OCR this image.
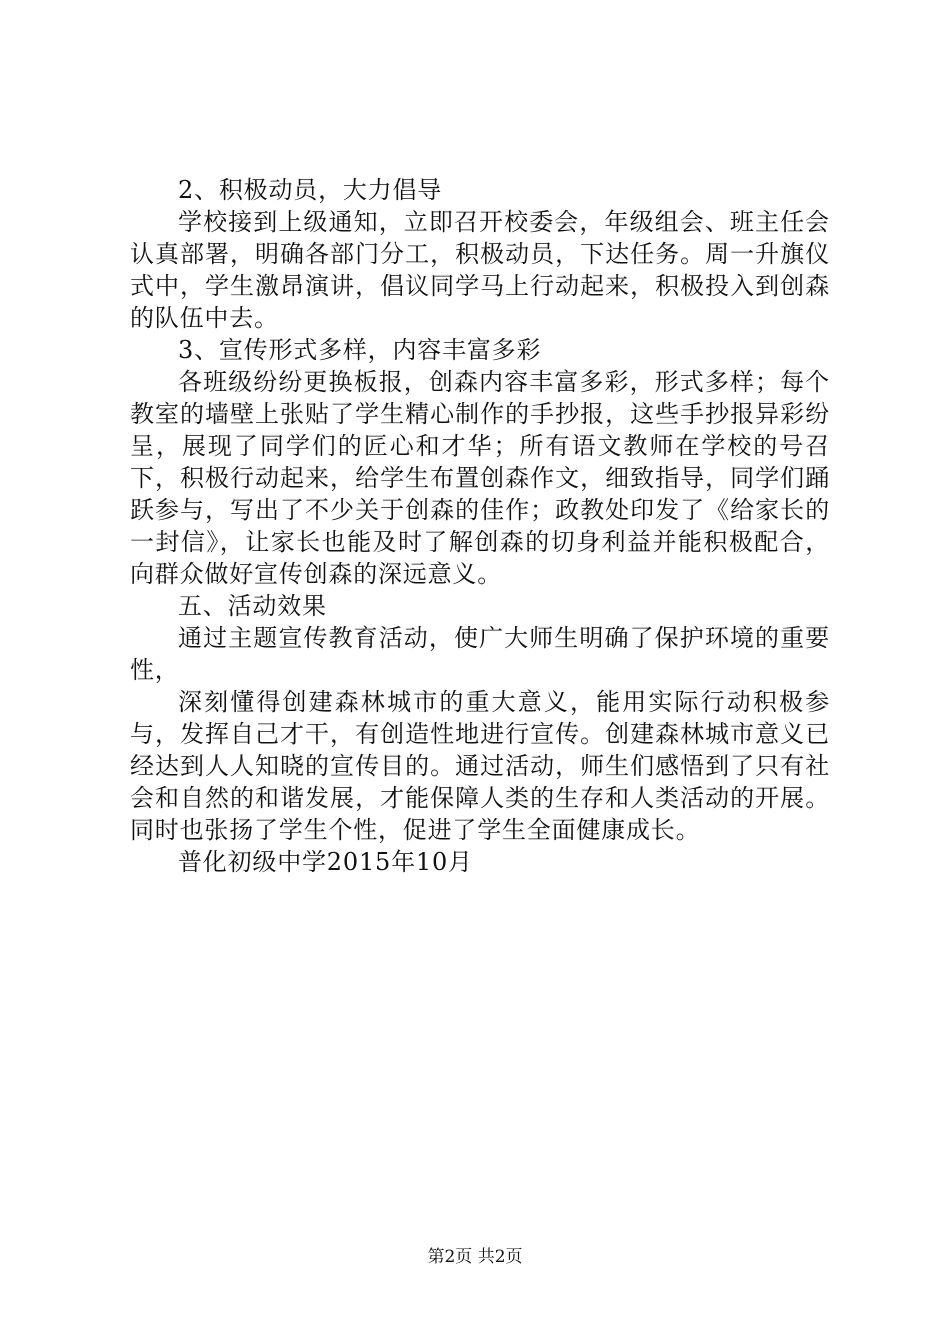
2、积极动员，大力倡导

学校接到上级通知，立即召开校委会，年级组会、班主任会认真部署，明确各部门分工，积极动员，下达任务。周一升旗仪式中，学生激昂演讲，倡议同学马上行动起来，积极投入到创森的队伍中去。

3、宣传形式多样，内容丰富多彩

各班级纷纷更换板报，创森内容丰富多彩，形式多样；每个教室的墙壁上张贴了学生精心制作的手抄报，这些手抄报异彩纷呈，展现了同学们的匠心和才华；所有语文教师在学校的号召下，积极行动起来，给学生布置创森作文，细致指导，同学们踊跃参与，写出了不少关于创森的佳作；政教处印发了《给家长的一封信》，让家长也能及时了解创森的切身利益并能积极配合，向群众做好宣传创森的深远意义。

五、活动效果

通过主题宣传教育活动，使广大师生明确了保护环境的重要性，

深刻懂得创建森林城市的重大意义，能用实际行动积极参与，发挥自己才干，有创造性地进行宣传。创建森林城市意义已经达到人人知晓的宣传目的。通过活动，师生们感悟到了只有社会和自然的和谐发展，才能保障人类的生存和人类活动的开展。同时也张扬了学生个性，促进了学生全面健康成长。

普化初级中学2015年10月

第2页 共2页
